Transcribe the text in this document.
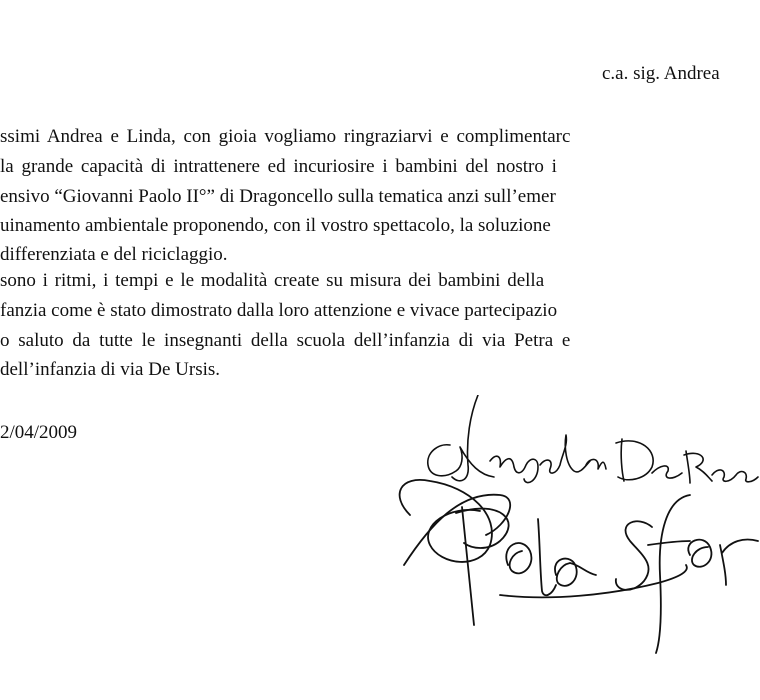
c.a. sig. Andrea
ssimi Andrea e Linda, con gioia vogliamo ringraziarvi e complimentarc
la grande capacità di intrattenere ed incuriosire i bambini del nostro i
ensivo “Giovanni Paolo II°” di Dragoncello sulla tematica anzi sull’emer
uinamento ambientale proponendo, con il vostro spettacolo, la soluzione
differenziata e del riciclaggio.
sono i ritmi, i tempi e le modalità create su misura dei bambini della
fanzia come è stato dimostrato dalla loro attenzione e vivace partecipazio
o saluto da tutte le insegnanti della scuola dell’infanzia di via Petra e
dell’infanzia di via De Ursis.
2/04/2009
